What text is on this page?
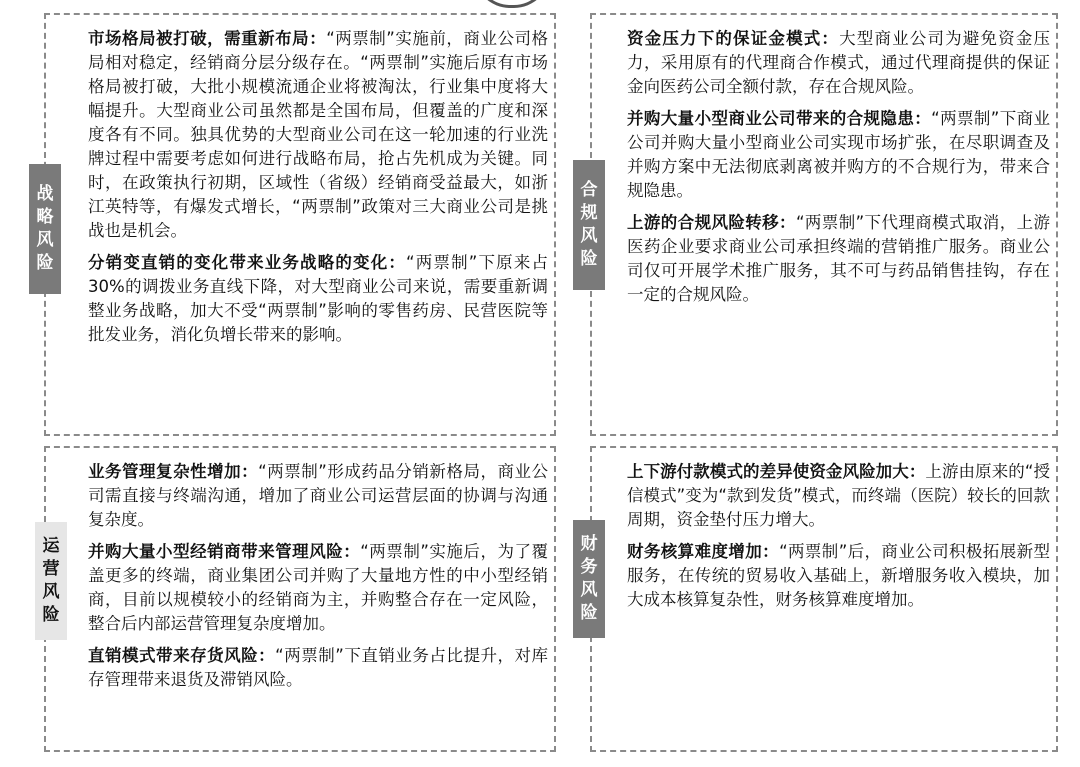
战
略
风
险

市场格局被打破，需重新布局：“两票制”实施前，商业公司格局相对稳定，经销商分层分级存在。“两票制”实施后原有市场格局被打破，大批小规模流通企业将被淘汰，行业集中度将大幅提升。大型商业公司虽然都是全国布局，但覆盖的广度和深度各有不同。独具优势的大型商业公司在这一轮加速的行业洗牌过程中需要考虑如何进行战略布局，抢占先机成为关键。同时，在政策执行初期，区域性（省级）经销商受益最大，如浙江英特等，有爆发式增长，“两票制”政策对三大商业公司是挑战也是机会。

分销变直销的变化带来业务战略的变化：“两票制”下原来占30%的调拨业务直线下降，对大型商业公司来说，需要重新调整业务战略，加大不受“两票制”影响的零售药房、民营医院等批发业务，消化负增长带来的影响。

合
规
风
险

资金压力下的保证金模式：大型商业公司为避免资金压力，采用原有的代理商合作模式，通过代理商提供的保证金向医药公司全额付款，存在合规风险。

并购大量小型商业公司带来的合规隐患：“两票制”下商业公司并购大量小型商业公司实现市场扩张，在尽职调查及并购方案中无法彻底剥离被并购方的不合规行为，带来合规隐患。

上游的合规风险转移：“两票制”下代理商模式取消，上游医药企业要求商业公司承担终端的营销推广服务。商业公司仅可开展学术推广服务，其不可与药品销售挂钩，存在一定的合规风险。

运
营
风
险

业务管理复杂性增加：“两票制”形成药品分销新格局，商业公司需直接与终端沟通，增加了商业公司运营层面的协调与沟通复杂度。

并购大量小型经销商带来管理风险：“两票制”实施后，为了覆盖更多的终端，商业集团公司并购了大量地方性的中小型经销商，目前以规模较小的经销商为主，并购整合存在一定风险，整合后内部运营管理复杂度增加。

直销模式带来存货风险：“两票制”下直销业务占比提升，对库存管理带来退货及滞销风险。

财
务
风
险

上下游付款模式的差异使资金风险加大：上游由原来的“授信模式”变为“款到发货”模式，而终端（医院）较长的回款周期，资金垫付压力增大。

财务核算难度增加：“两票制”后，商业公司积极拓展新型服务，在传统的贸易收入基础上，新增服务收入模块，加大成本核算复杂性，财务核算难度增加。
